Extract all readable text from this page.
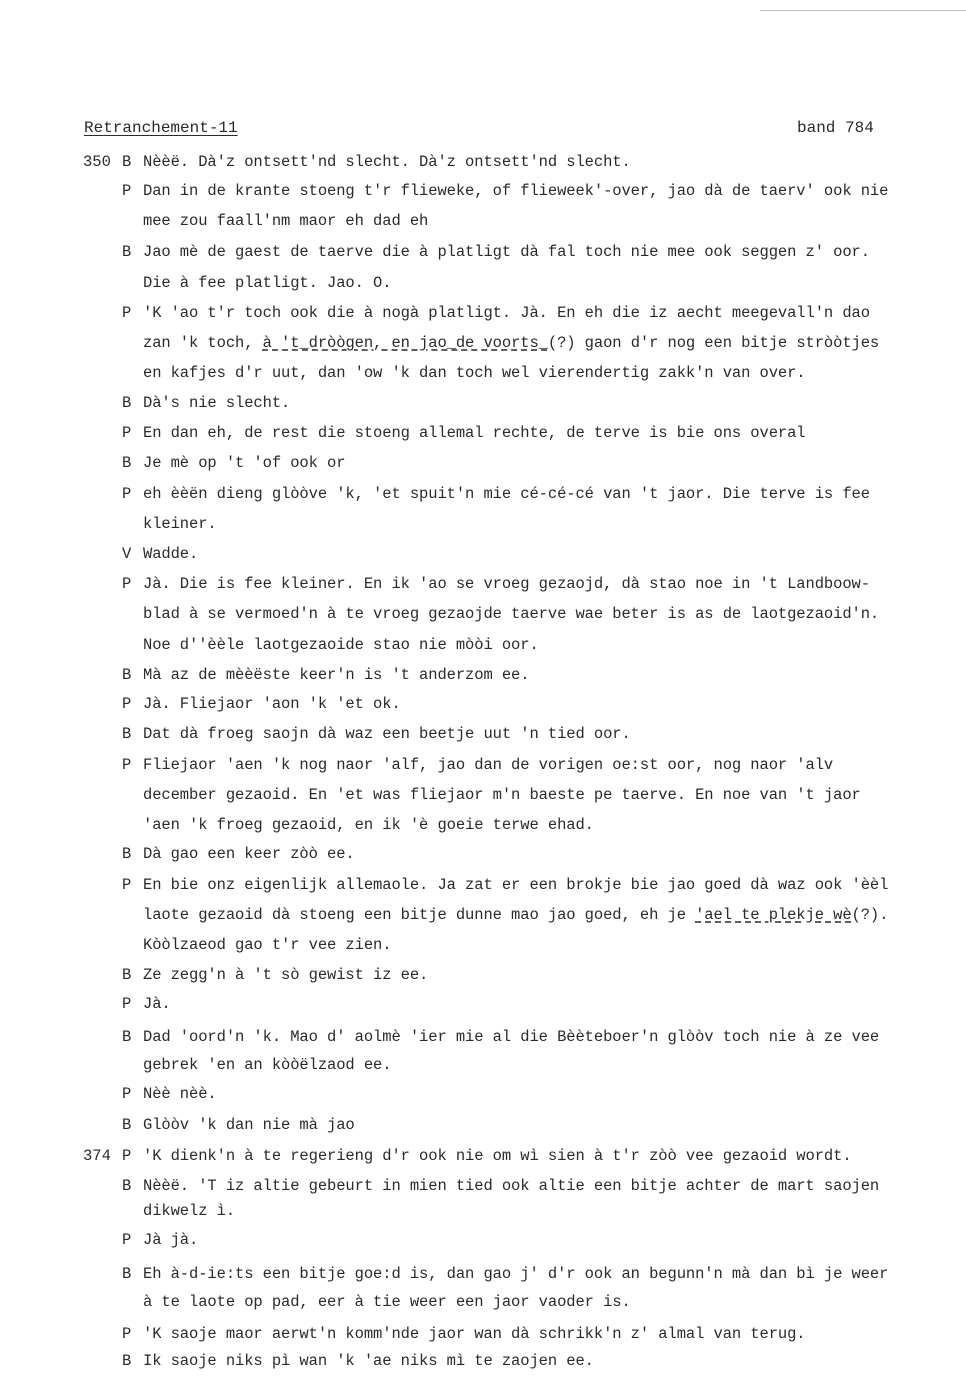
Retranchement-11	band 784
350 B Nèèë. Dà'z ontsett'nd slecht. Dà'z ontsett'nd slecht.
P Dan in de krante stoeng t'r flieweke, of flieweek'-over, jao dà de taerv' ook nie
mee zou faall'nm maor eh dad eh
B Jao mè de gaest de taerve die à platligt dà fal toch nie mee ook seggen z' oor.
Die à fee platligt. Jao. O.
P 'K 'ao t'r toch ook die à nogà platligt. Jà. En eh die iz aecht meegevall'n dao
zan 'k toch, à 't_dròògen, en jao_de voorts_(?) gaon d'r nog een bitje stròòtjes
en kafjes d'r uut, dan 'ow 'k dan toch wel vierendertig zakk'n van over.
B Dà's nie slecht.
P En dan eh, de rest die stoeng allemal rechte, de terve is bie ons overal
B Je mè op 't 'of ook or
P eh èèën dieng glòòve 'k, 'et spuit'n mie cé-cé-cé van 't jaor. Die terve is fee
kleiner.
V Wadde.
P Jà. Die is fee kleiner. En ik 'ao se vroeg gezaojd, dà stao noe in 't Landboow-
blad à se vermoed'n à te vroeg gezaojde taerve wae beter is as de laotgezaoid'n.
Noe d''èèle laotgezaoide stao nie mòòi oor.
B Mà az de mèèëste keer'n is 't anderzom ee.
P Jà. Fliejaor 'aon 'k 'et ok.
B Dat dà froeg saojn dà waz een beetje uut 'n tied oor.
P Fliejaor 'aen 'k nog naor 'alf, jao dan de vorigen oe:st oor, nog naor 'alv
december gezaoid. En 'et was fliejaor m'n baeste pe taerve. En noe van 't jaor
'aen 'k froeg gezaoid, en ik 'è goeie terwe ehad.
B Dà gao een keer zòò ee.
P En bie onz eigenlijk allemaole. Ja zat er een brokje bie jao goed dà waz ook 'èèl
laote gezaoid dà stoeng een bitje dunne mao jao goed, eh je 'ael te plekje wè(?).
Kòòlzaeod gao t'r vee zien.
B Ze zegg'n à 't sò gewist iz ee.
P Jà.
B Dad 'oord'n 'k. Mao d' aolmè 'ier mie al die Bèèteboer'n glòòv toch nie à ze vee
gebrek 'en an kòòëlzaod ee.
P Nèè nèè.
B Glòòv 'k dan nie mà jao
374 P 'K dienk'n à te regerieng d'r ook nie om wì sien à t'r zòò vee gezaoid wordt.
B Nèèë. 'T iz altie gebeurt in mien tied ook altie een bitje achter de mart saojen
dikwelz ì.
P Jà jà.
B Eh à-d-ie:ts een bitje goe:d is, dan gao j' d'r ook an begunn'n mà dan bì je weer
à te laote op pad, eer à tie weer een jaor vaoder is.
P 'K saoje maor aerwt'n komm'nde jaor wan dà schrikk'n z' almal van terug.
B Ik saoje niks pì wan 'k 'ae niks mì te zaojen ee.
